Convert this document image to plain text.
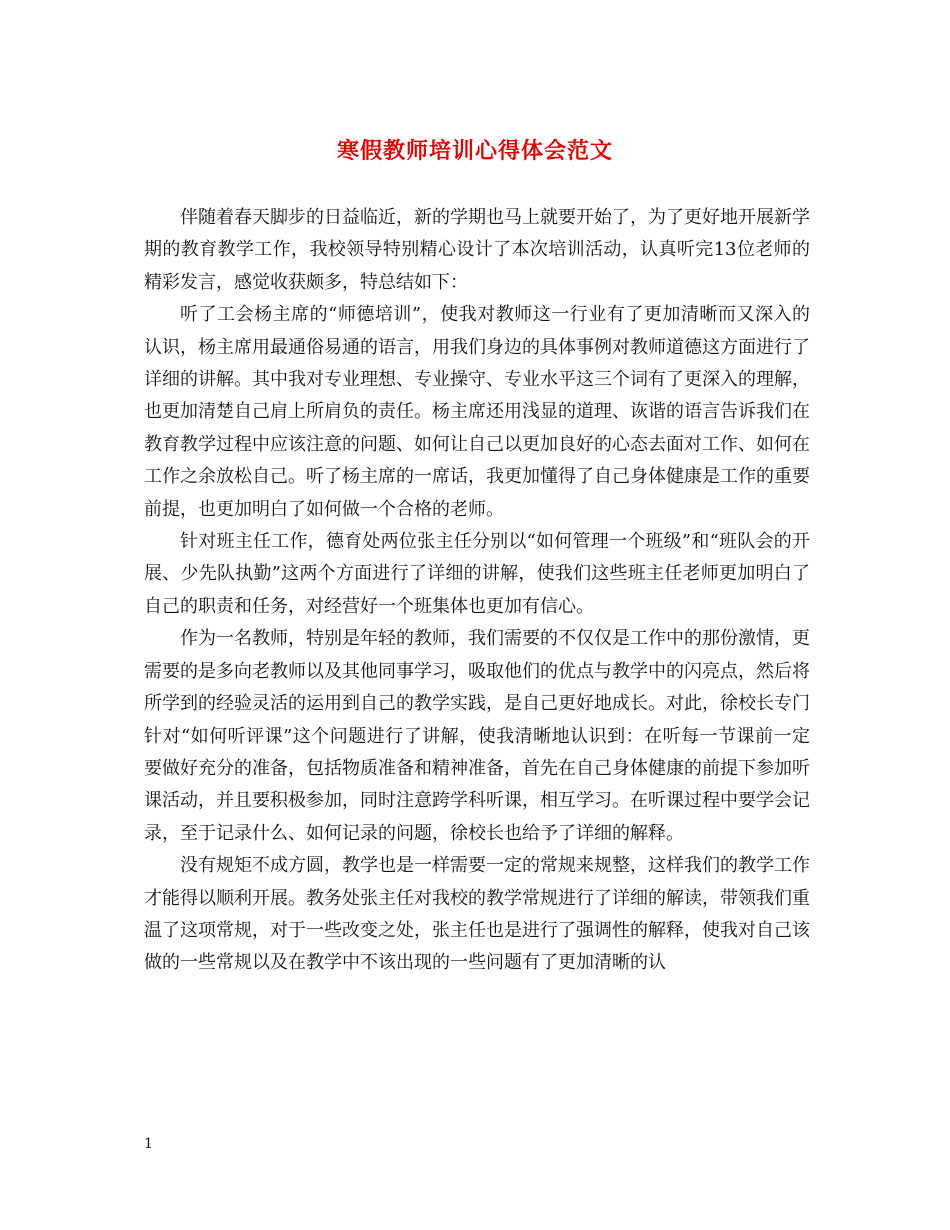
寒假教师培训心得体会范文

伴随着春天脚步的日益临近，新的学期也马上就要开始了，为了更好地开展新学期的教育教学工作，我校领导特别精心设计了本次培训活动，认真听完13位老师的精彩发言，感觉收获颇多，特总结如下：

听了工会杨主席的“师德培训”，使我对教师这一行业有了更加清晰而又深入的认识，杨主席用最通俗易通的语言，用我们身边的具体事例对教师道德这方面进行了详细的讲解。其中我对专业理想、专业操守、专业水平这三个词有了更深入的理解，也更加清楚自己肩上所肩负的责任。杨主席还用浅显的道理、诙谐的语言告诉我们在教育教学过程中应该注意的问题、如何让自己以更加良好的心态去面对工作、如何在工作之余放松自己。听了杨主席的一席话，我更加懂得了自己身体健康是工作的重要前提，也更加明白了如何做一个合格的老师。

针对班主任工作，德育处两位张主任分别以“如何管理一个班级”和“班队会的开展、少先队执勤”这两个方面进行了详细的讲解，使我们这些班主任老师更加明白了自己的职责和任务，对经营好一个班集体也更加有信心。

作为一名教师，特别是年轻的教师，我们需要的不仅仅是工作中的那份激情，更需要的是多向老教师以及其他同事学习，吸取他们的优点与教学中的闪亮点，然后将所学到的经验灵活的运用到自己的教学实践，是自己更好地成长。对此，徐校长专门针对“如何听评课”这个问题进行了讲解，使我清晰地认识到：在听每一节课前一定要做好充分的准备，包括物质准备和精神准备，首先在自己身体健康的前提下参加听课活动，并且要积极参加，同时注意跨学科听课，相互学习。在听课过程中要学会记录，至于记录什么、如何记录的问题，徐校长也给予了详细的解释。

没有规矩不成方圆，教学也是一样需要一定的常规来规整，这样我们的教学工作才能得以顺利开展。教务处张主任对我校的教学常规进行了详细的解读，带领我们重温了这项常规，对于一些改变之处，张主任也是进行了强调性的解释，使我对自己该做的一些常规以及在教学中不该出现的一些问题有了更加清晰的认

1
